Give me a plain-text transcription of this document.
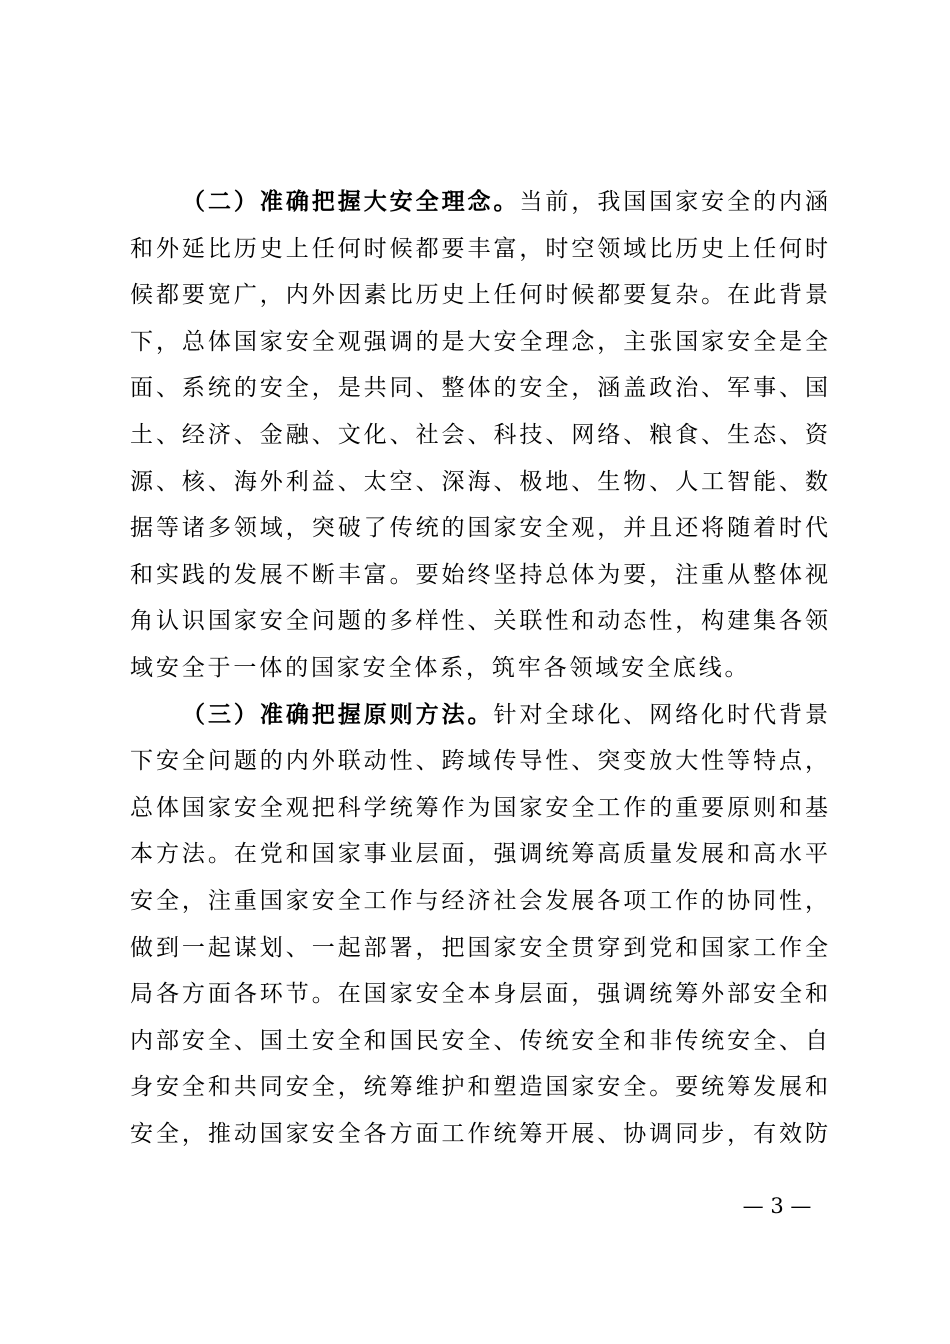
（二）准确把握大安全理念。当前，我国国家安全的内涵
和外延比历史上任何时候都要丰富，时空领域比历史上任何时
候都要宽广，内外因素比历史上任何时候都要复杂。在此背景
下，总体国家安全观强调的是大安全理念，主张国家安全是全
面、系统的安全，是共同、整体的安全，涵盖政治、军事、国
土、经济、金融、文化、社会、科技、网络、粮食、生态、资
源、核、海外利益、太空、深海、极地、生物、人工智能、数
据等诸多领域，突破了传统的国家安全观，并且还将随着时代
和实践的发展不断丰富。要始终坚持总体为要，注重从整体视
角认识国家安全问题的多样性、关联性和动态性，构建集各领
域安全于一体的国家安全体系，筑牢各领域安全底线。
（三）准确把握原则方法。针对全球化、网络化时代背景
下安全问题的内外联动性、跨域传导性、突变放大性等特点，
总体国家安全观把科学统筹作为国家安全工作的重要原则和基
本方法。在党和国家事业层面，强调统筹高质量发展和高水平
安全，注重国家安全工作与经济社会发展各项工作的协同性，
做到一起谋划、一起部署，把国家安全贯穿到党和国家工作全
局各方面各环节。在国家安全本身层面，强调统筹外部安全和
内部安全、国土安全和国民安全、传统安全和非传统安全、自
身安全和共同安全，统筹维护和塑造国家安全。要统筹发展和
安全，推动国家安全各方面工作统筹开展、协调同步，有效防
— 3 —
